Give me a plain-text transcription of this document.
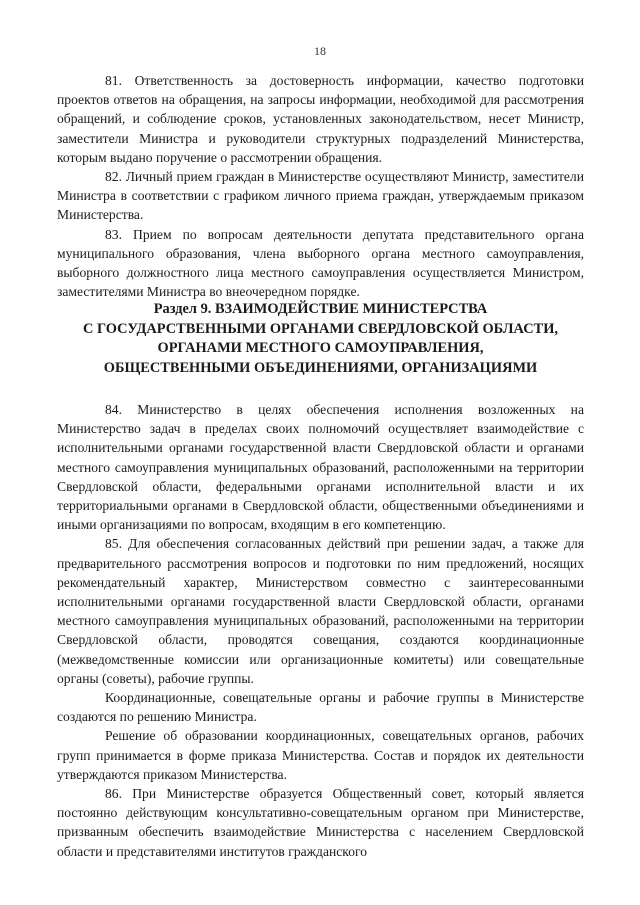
18

81. Ответственность за достоверность информации, качество подготовки проектов ответов на обращения, на запросы информации, необходимой для рассмотрения обращений, и соблюдение сроков, установленных законодательством, несет Министр, заместители Министра и руководители структурных подразделений Министерства, которым выдано поручение о рассмотрении обращения.

82. Личный прием граждан в Министерстве осуществляют Министр, заместители Министра в соответствии с графиком личного приема граждан, утверждаемым приказом Министерства.

83. Прием по вопросам деятельности депутата представительного органа муниципального образования, члена выборного органа местного самоуправления, выборного должностного лица местного самоуправления осуществляется Министром, заместителями Министра во внеочередном порядке.

Раздел 9. ВЗАИМОДЕЙСТВИЕ МИНИСТЕРСТВА
С ГОСУДАРСТВЕННЫМИ ОРГАНАМИ СВЕРДЛОВСКОЙ ОБЛАСТИ,
ОРГАНАМИ МЕСТНОГО САМОУПРАВЛЕНИЯ,
ОБЩЕСТВЕННЫМИ ОБЪЕДИНЕНИЯМИ, ОРГАНИЗАЦИЯМИ

84. Министерство в целях обеспечения исполнения возложенных на Министерство задач в пределах своих полномочий осуществляет взаимодействие с исполнительными органами государственной власти Свердловской области и органами местного самоуправления муниципальных образований, расположенными на территории Свердловской области, федеральными органами исполнительной власти и их территориальными органами в Свердловской области, общественными объединениями и иными организациями по вопросам, входящим в его компетенцию.

85. Для обеспечения согласованных действий при решении задач, а также для предварительного рассмотрения вопросов и подготовки по ним предложений, носящих рекомендательный характер, Министерством совместно с заинтересованными исполнительными органами государственной власти Свердловской области, органами местного самоуправления муниципальных образований, расположенными на территории Свердловской области, проводятся совещания, создаются координационные (межведомственные комиссии или организационные комитеты) или совещательные органы (советы), рабочие группы.

Координационные, совещательные органы и рабочие группы в Министерстве создаются по решению Министра.

Решение об образовании координационных, совещательных органов, рабочих групп принимается в форме приказа Министерства. Состав и порядок их деятельности утверждаются приказом Министерства.

86. При Министерстве образуется Общественный совет, который является постоянно действующим консультативно-совещательным органом при Министерстве, призванным обеспечить взаимодействие Министерства с населением Свердловской области и представителями институтов гражданского
